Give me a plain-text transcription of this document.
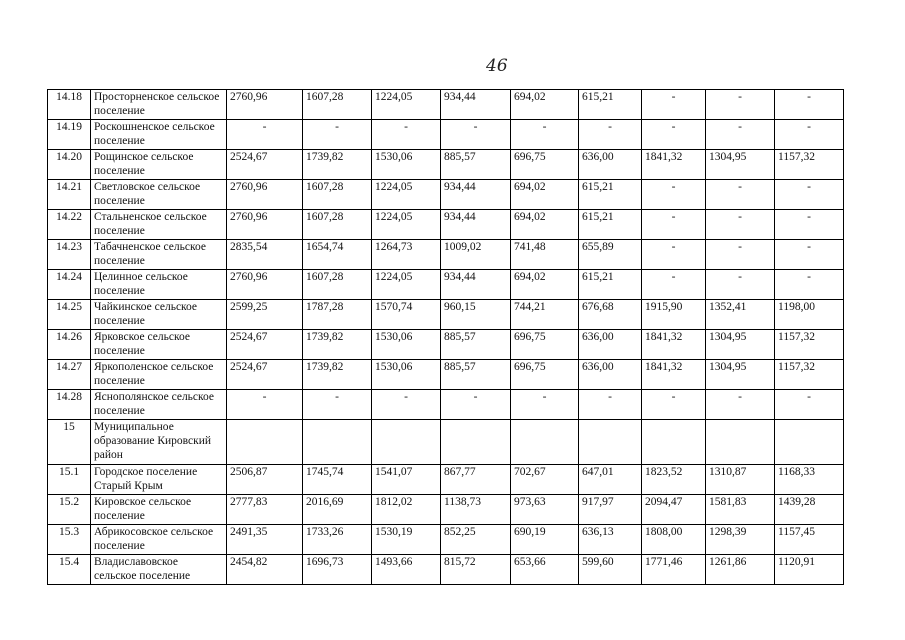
46
14.18	Просторненское сельское поселение	2760,96	1607,28	1224,05	934,44	694,02	615,21	-	-	-
14.19	Роскошненское сельское поселение	-	-	-	-	-	-	-	-	-
14.20	Рощинское сельское поселение	2524,67	1739,82	1530,06	885,57	696,75	636,00	1841,32	1304,95	1157,32
14.21	Светловское сельское поселение	2760,96	1607,28	1224,05	934,44	694,02	615,21	-	-	-
14.22	Стальненское сельское поселение	2760,96	1607,28	1224,05	934,44	694,02	615,21	-	-	-
14.23	Табачненское сельское поселение	2835,54	1654,74	1264,73	1009,02	741,48	655,89	-	-	-
14.24	Целинное сельское поселение	2760,96	1607,28	1224,05	934,44	694,02	615,21	-	-	-
14.25	Чайкинское сельское поселение	2599,25	1787,28	1570,74	960,15	744,21	676,68	1915,90	1352,41	1198,00
14.26	Ярковское сельское поселение	2524,67	1739,82	1530,06	885,57	696,75	636,00	1841,32	1304,95	1157,32
14.27	Яркополенское сельское поселение	2524,67	1739,82	1530,06	885,57	696,75	636,00	1841,32	1304,95	1157,32
14.28	Яснополянское сельское поселение	-	-	-	-	-	-	-	-	-
15	Муниципальное образование Кировский район									
15.1	Городское поселение Старый Крым	2506,87	1745,74	1541,07	867,77	702,67	647,01	1823,52	1310,87	1168,33
15.2	Кировское сельское поселение	2777,83	2016,69	1812,02	1138,73	973,63	917,97	2094,47	1581,83	1439,28
15.3	Абрикосовское сельское поселение	2491,35	1733,26	1530,19	852,25	690,19	636,13	1808,00	1298,39	1157,45
15.4	Владиславовское сельское поселение	2454,82	1696,73	1493,66	815,72	653,66	599,60	1771,46	1261,86	1120,91
